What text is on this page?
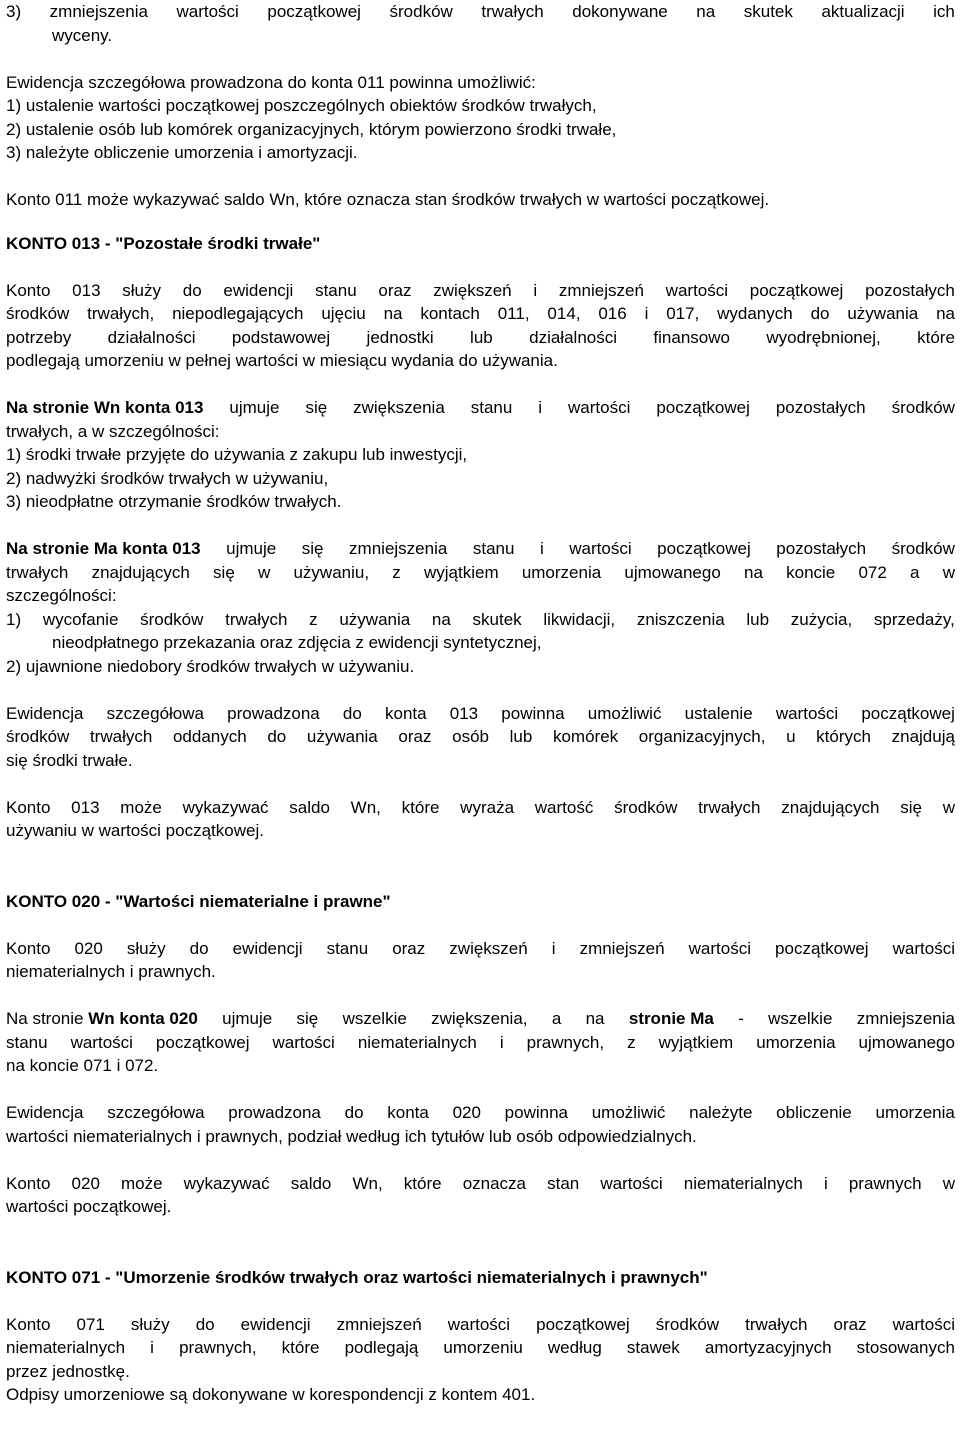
3) zmniejszenia wartości początkowej środków trwałych dokonywane na skutek aktualizacji ich
wyceny.
Ewidencja szczegółowa prowadzona do konta 011 powinna umożliwić:
1) ustalenie wartości początkowej poszczególnych obiektów środków trwałych,
2) ustalenie osób lub komórek organizacyjnych, którym powierzono środki trwałe,
3) należyte obliczenie umorzenia i amortyzacji.
Konto 011 może wykazywać saldo Wn, które oznacza stan środków trwałych w wartości początkowej.
KONTO 013 - "Pozostałe środki trwałe"
Konto 013 służy do ewidencji stanu oraz zwiększeń i zmniejszeń wartości początkowej pozostałych
środków trwałych, niepodlegających ujęciu na kontach 011, 014, 016 i 017, wydanych do używania na
potrzeby działalności podstawowej jednostki lub działalności finansowo wyodrębnionej, które
podlegają umorzeniu w pełnej wartości w miesiącu wydania do używania.
Na stronie Wn konta 013 ujmuje się zwiększenia stanu i wartości początkowej pozostałych środków
trwałych, a w szczególności:
1) środki trwałe przyjęte do używania z zakupu lub inwestycji,
2) nadwyżki środków trwałych w używaniu,
3) nieodpłatne otrzymanie środków trwałych.
Na stronie Ma konta 013 ujmuje się zmniejszenia stanu i wartości początkowej pozostałych środków
trwałych znajdujących się w używaniu, z wyjątkiem umorzenia ujmowanego na koncie 072 a w
szczególności:
1) wycofanie środków trwałych z używania na skutek likwidacji, zniszczenia lub zużycia, sprzedaży,
nieodpłatnego przekazania oraz zdjęcia z ewidencji syntetycznej,
2) ujawnione niedobory środków trwałych w używaniu.
Ewidencja szczegółowa prowadzona do konta 013 powinna umożliwić ustalenie wartości początkowej
środków trwałych oddanych do używania oraz osób lub komórek organizacyjnych, u których znajdują
się środki trwałe.
Konto 013 może wykazywać saldo Wn, które wyraża wartość środków trwałych znajdujących się w
używaniu w wartości początkowej.
KONTO 020 - "Wartości niematerialne i prawne"
Konto 020 służy do ewidencji stanu oraz zwiększeń i zmniejszeń wartości początkowej wartości
niematerialnych i prawnych.
Na stronie Wn konta 020 ujmuje się wszelkie zwiększenia, a na stronie Ma - wszelkie zmniejszenia
stanu wartości początkowej wartości niematerialnych i prawnych, z wyjątkiem umorzenia ujmowanego
na koncie 071 i 072.
Ewidencja szczegółowa prowadzona do konta 020 powinna umożliwić należyte obliczenie umorzenia
wartości niematerialnych i prawnych, podział według ich tytułów lub osób odpowiedzialnych.
Konto 020 może wykazywać saldo Wn, które oznacza stan wartości niematerialnych i prawnych w
wartości początkowej.
KONTO 071 - "Umorzenie środków trwałych oraz wartości niematerialnych i prawnych"
Konto 071 służy do ewidencji zmniejszeń wartości początkowej środków trwałych oraz wartości
niematerialnych i prawnych, które podlegają umorzeniu według stawek amortyzacyjnych stosowanych
przez jednostkę.
Odpisy umorzeniowe są dokonywane w korespondencji z kontem 401.
